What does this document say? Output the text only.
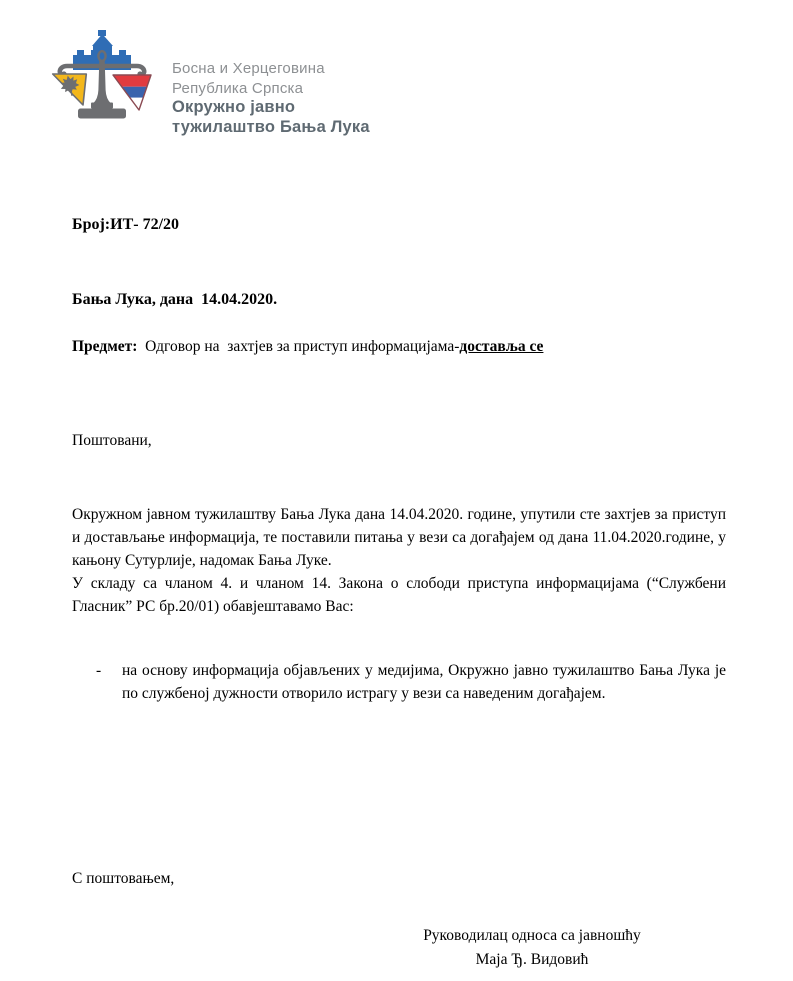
Босна и Херцеговина
Република Српска
Окружно јавно
тужилаштво Бања Лука

Број:ИТ- 72/20

Бања Лука, дана  14.04.2020.

Предмет:  Одговор на  захтјев за приступ информацијама-доставља се
Поштовани,

Окружном јавном тужилаштву Бања Лука дана 14.04.2020. године, упутили сте захтјев за приступ и достављање информација, те поставили питања у вези са догађајем од дана 11.04.2020.године, у кањону Сутурлије, надомак Бања Луке.

У складу са чланом 4. и чланом 14. Закона о слободи приступа информацијама (“Службени Гласник” РС бр.20/01) обавјештавамо Вас:

- на основу информација објављених у медијима, Окружно јавно тужилаштво Бања Лука је по службеној дужности отворило истрагу у вези са наведеним догађајем.
С поштовањем,
Руководилац односа са јавношћу
Маја Ђ. Видовић
